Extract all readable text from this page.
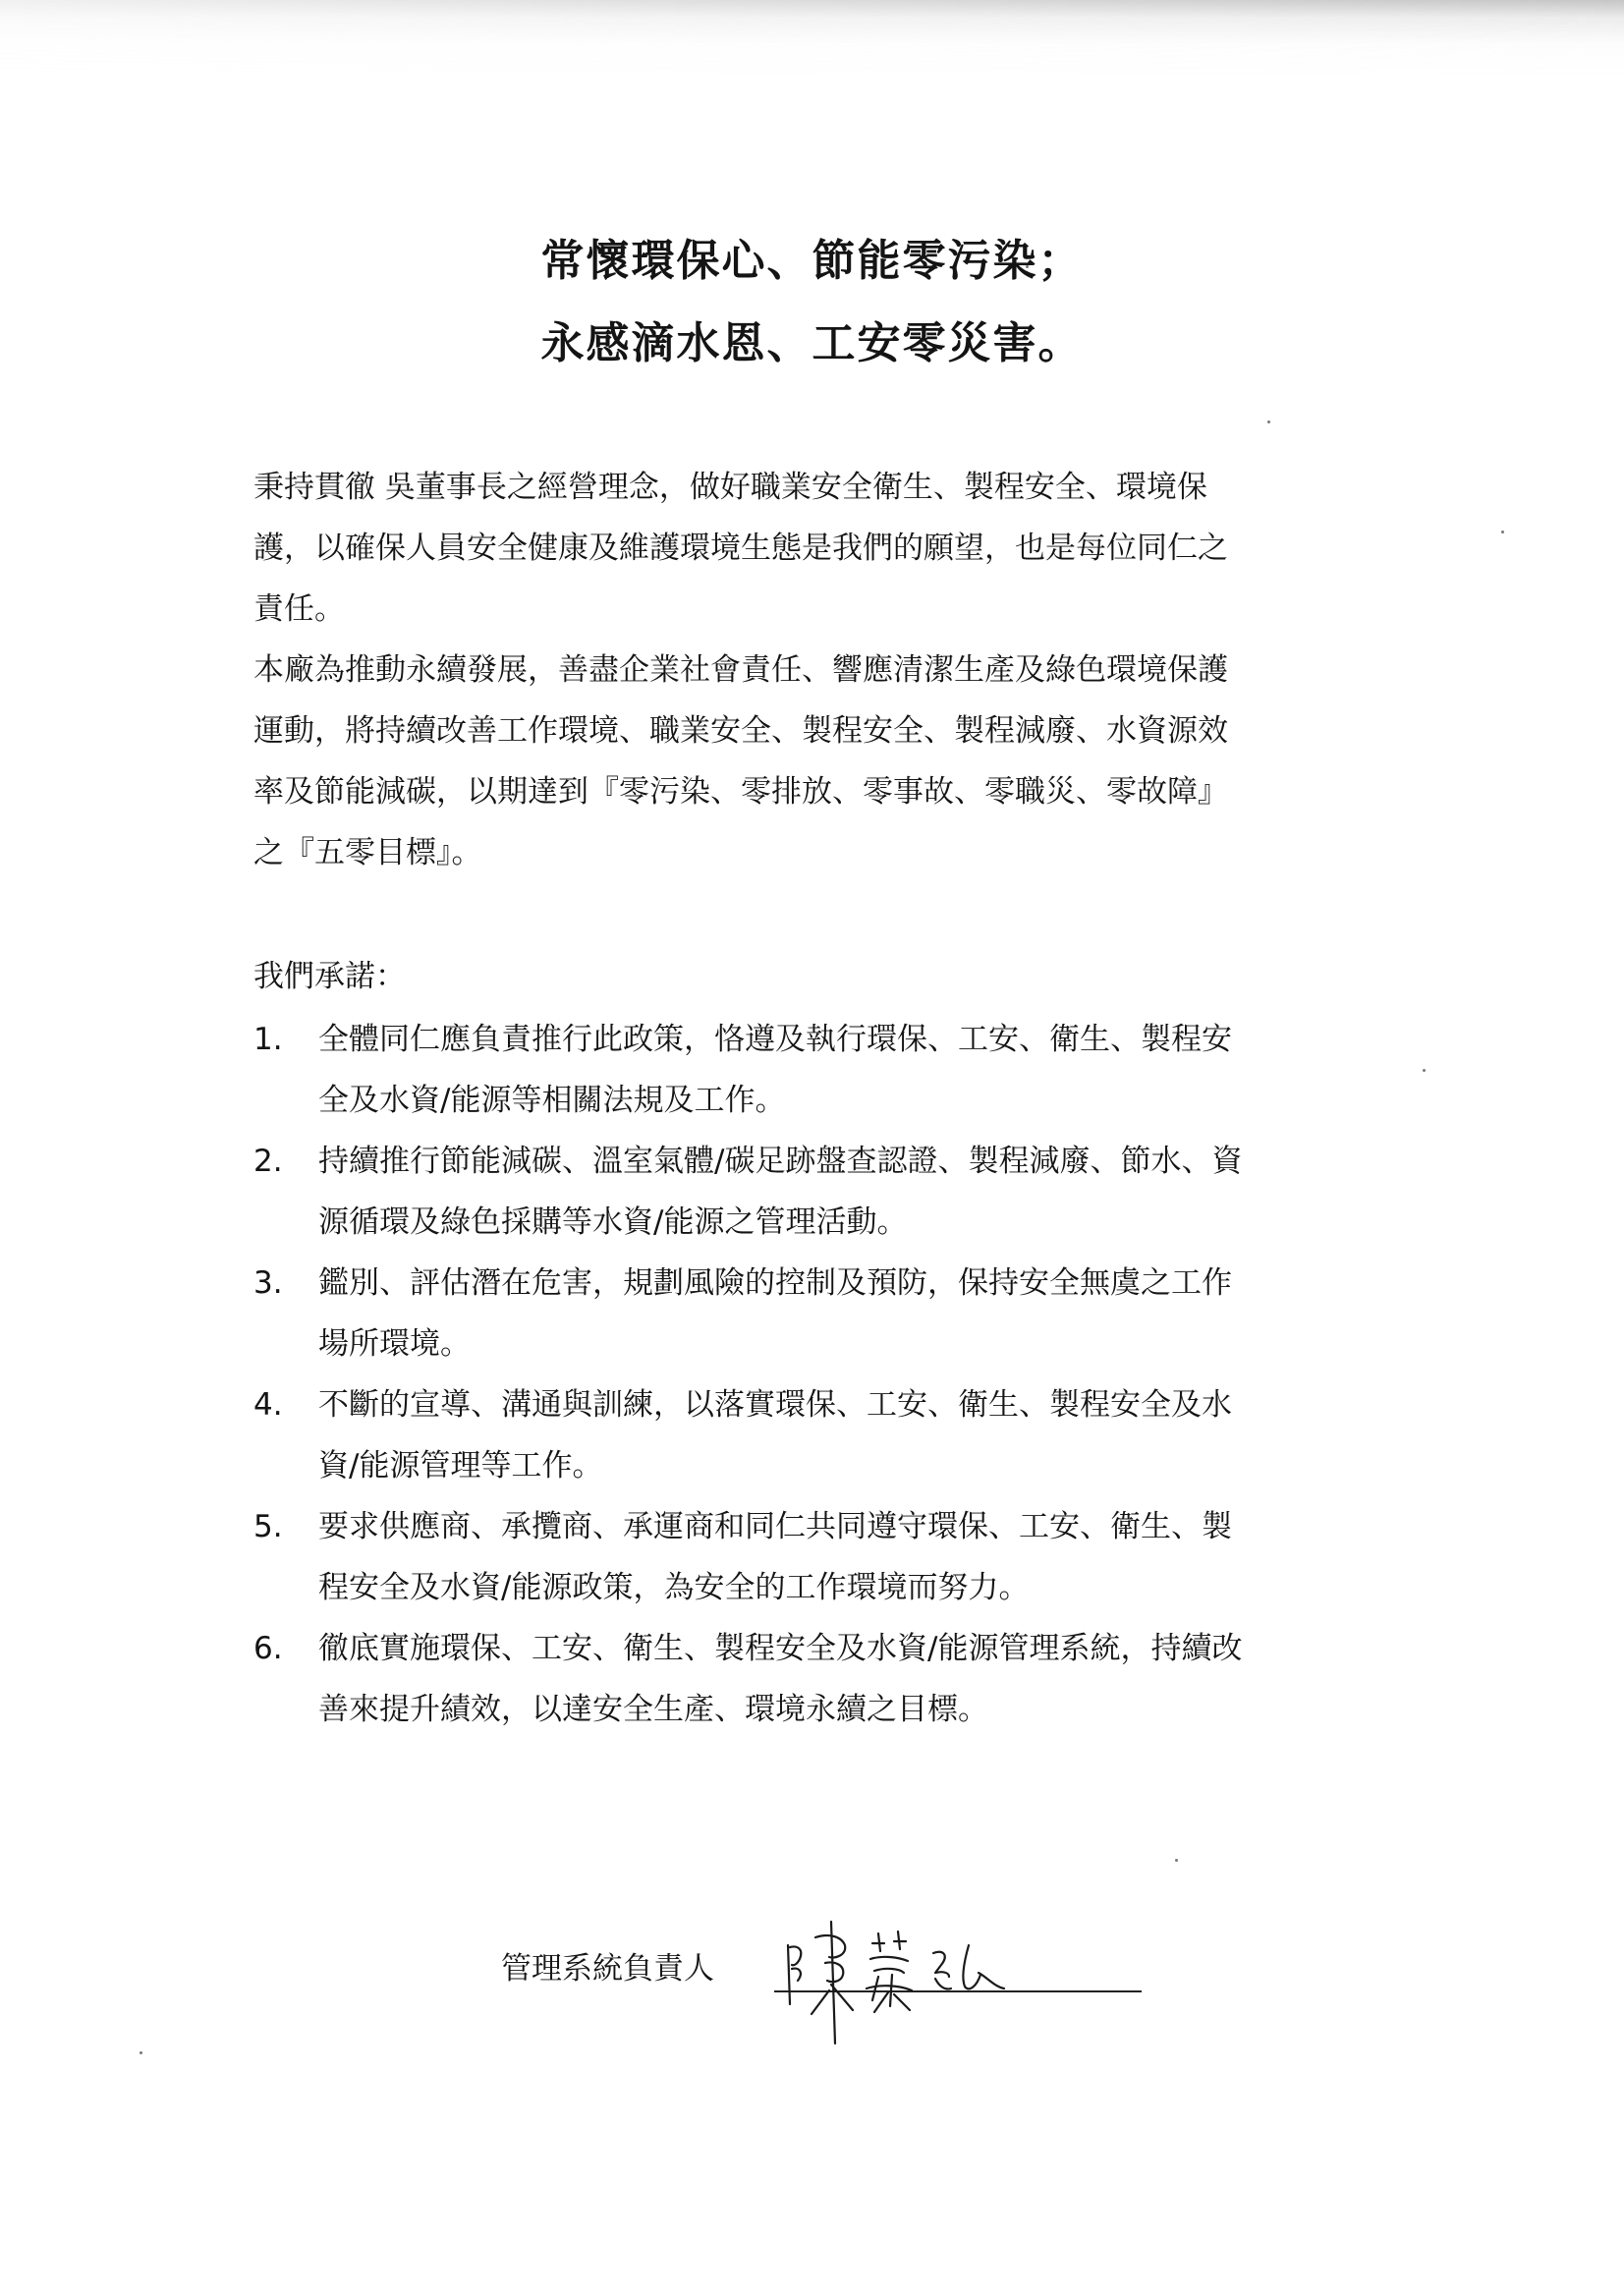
常懷環保心、節能零污染；
永感滴水恩、工安零災害。
秉持貫徹 吳董事長之經營理念，做好職業安全衛生、製程安全、環境保
護，以確保人員安全健康及維護環境生態是我們的願望，也是每位同仁之
責任。
本廠為推動永續發展，善盡企業社會責任、響應清潔生產及綠色環境保護
運動，將持續改善工作環境、職業安全、製程安全、製程減廢、水資源效
率及節能減碳，以期達到『零污染、零排放、零事故、零職災、零故障』
之『五零目標』。
我們承諾：
1. 全體同仁應負責推行此政策，恪遵及執行環保、工安、衛生、製程安
全及水資/能源等相關法規及工作。
2. 持續推行節能減碳、溫室氣體/碳足跡盤查認證、製程減廢、節水、資
源循環及綠色採購等水資/能源之管理活動。
3. 鑑別、評估潛在危害，規劃風險的控制及預防，保持安全無虞之工作
場所環境。
4. 不斷的宣導、溝通與訓練，以落實環保、工安、衛生、製程安全及水
資/能源管理等工作。
5. 要求供應商、承攬商、承運商和同仁共同遵守環保、工安、衛生、製
程安全及水資/能源政策，為安全的工作環境而努力。
6. 徹底實施環保、工安、衛生、製程安全及水資/能源管理系統，持續改
善來提升績效，以達安全生產、環境永續之目標。
管理系統負責人
